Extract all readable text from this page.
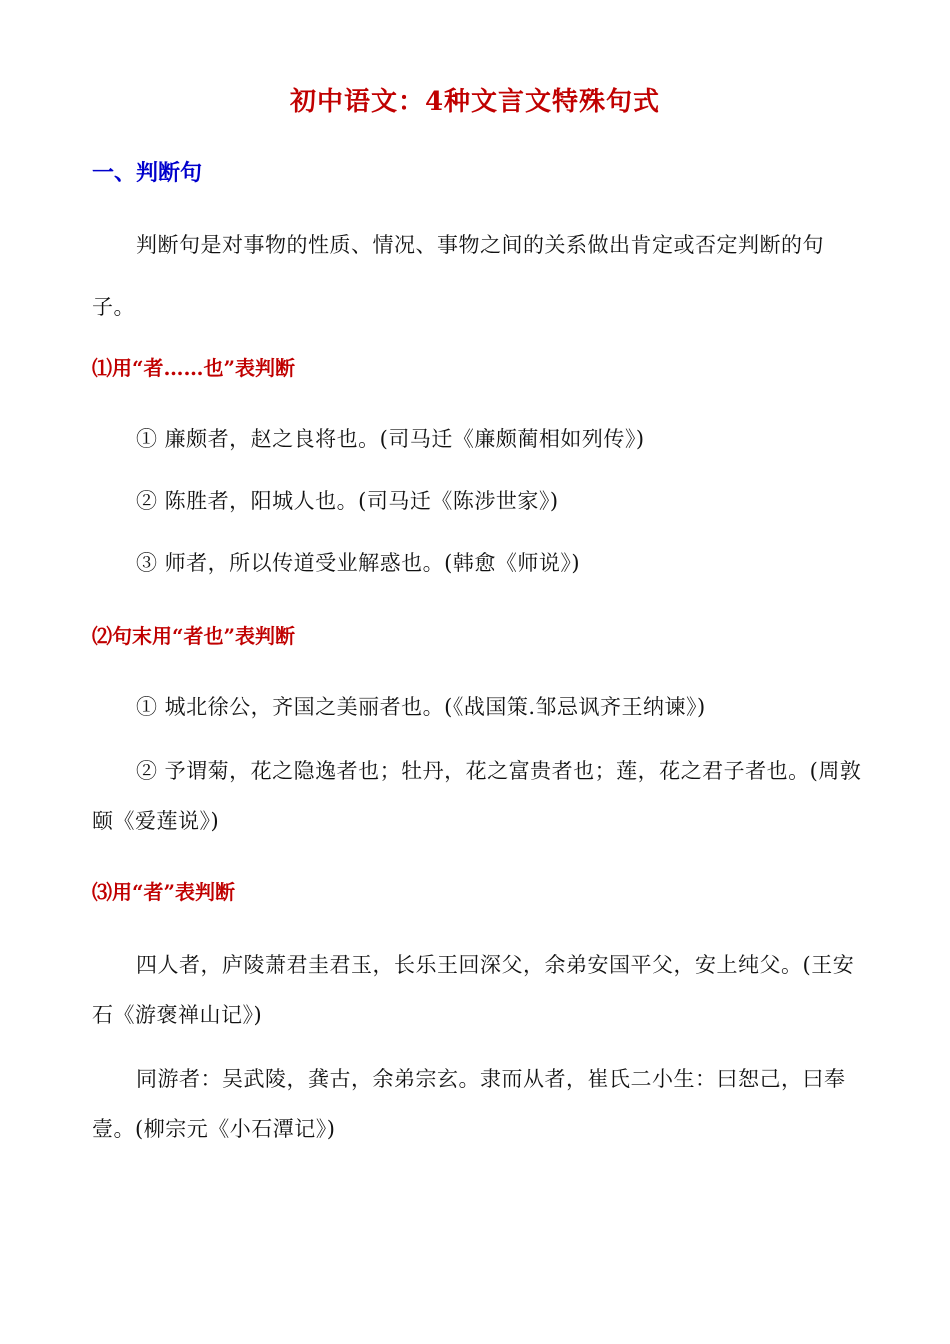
初中语文：4种文言文特殊句式
一、判断句

判断句是对事物的性质、情况、事物之间的关系做出肯定或否定判断的句子。

⑴用“者……也”表判断

① 廉颇者，赵之良将也。(司马迁《廉颇蔺相如列传》)

② 陈胜者，阳城人也。(司马迁《陈涉世家》)

③ 师者，所以传道受业解惑也。(韩愈《师说》)

⑵句末用“者也”表判断

① 城北徐公，齐国之美丽者也。(《战国策.邹忌讽齐王纳谏》)

② 予谓菊，花之隐逸者也；牡丹，花之富贵者也；莲，花之君子者也。(周敦颐《爱莲说》)

⑶用“者”表判断

四人者，庐陵萧君圭君玉，长乐王回深父，余弟安国平父，安上纯父。(王安石《游褒禅山记》)

同游者：吴武陵，龚古，余弟宗玄。隶而从者，崔氏二小生：曰恕己，曰奉壹。(柳宗元《小石潭记》)
